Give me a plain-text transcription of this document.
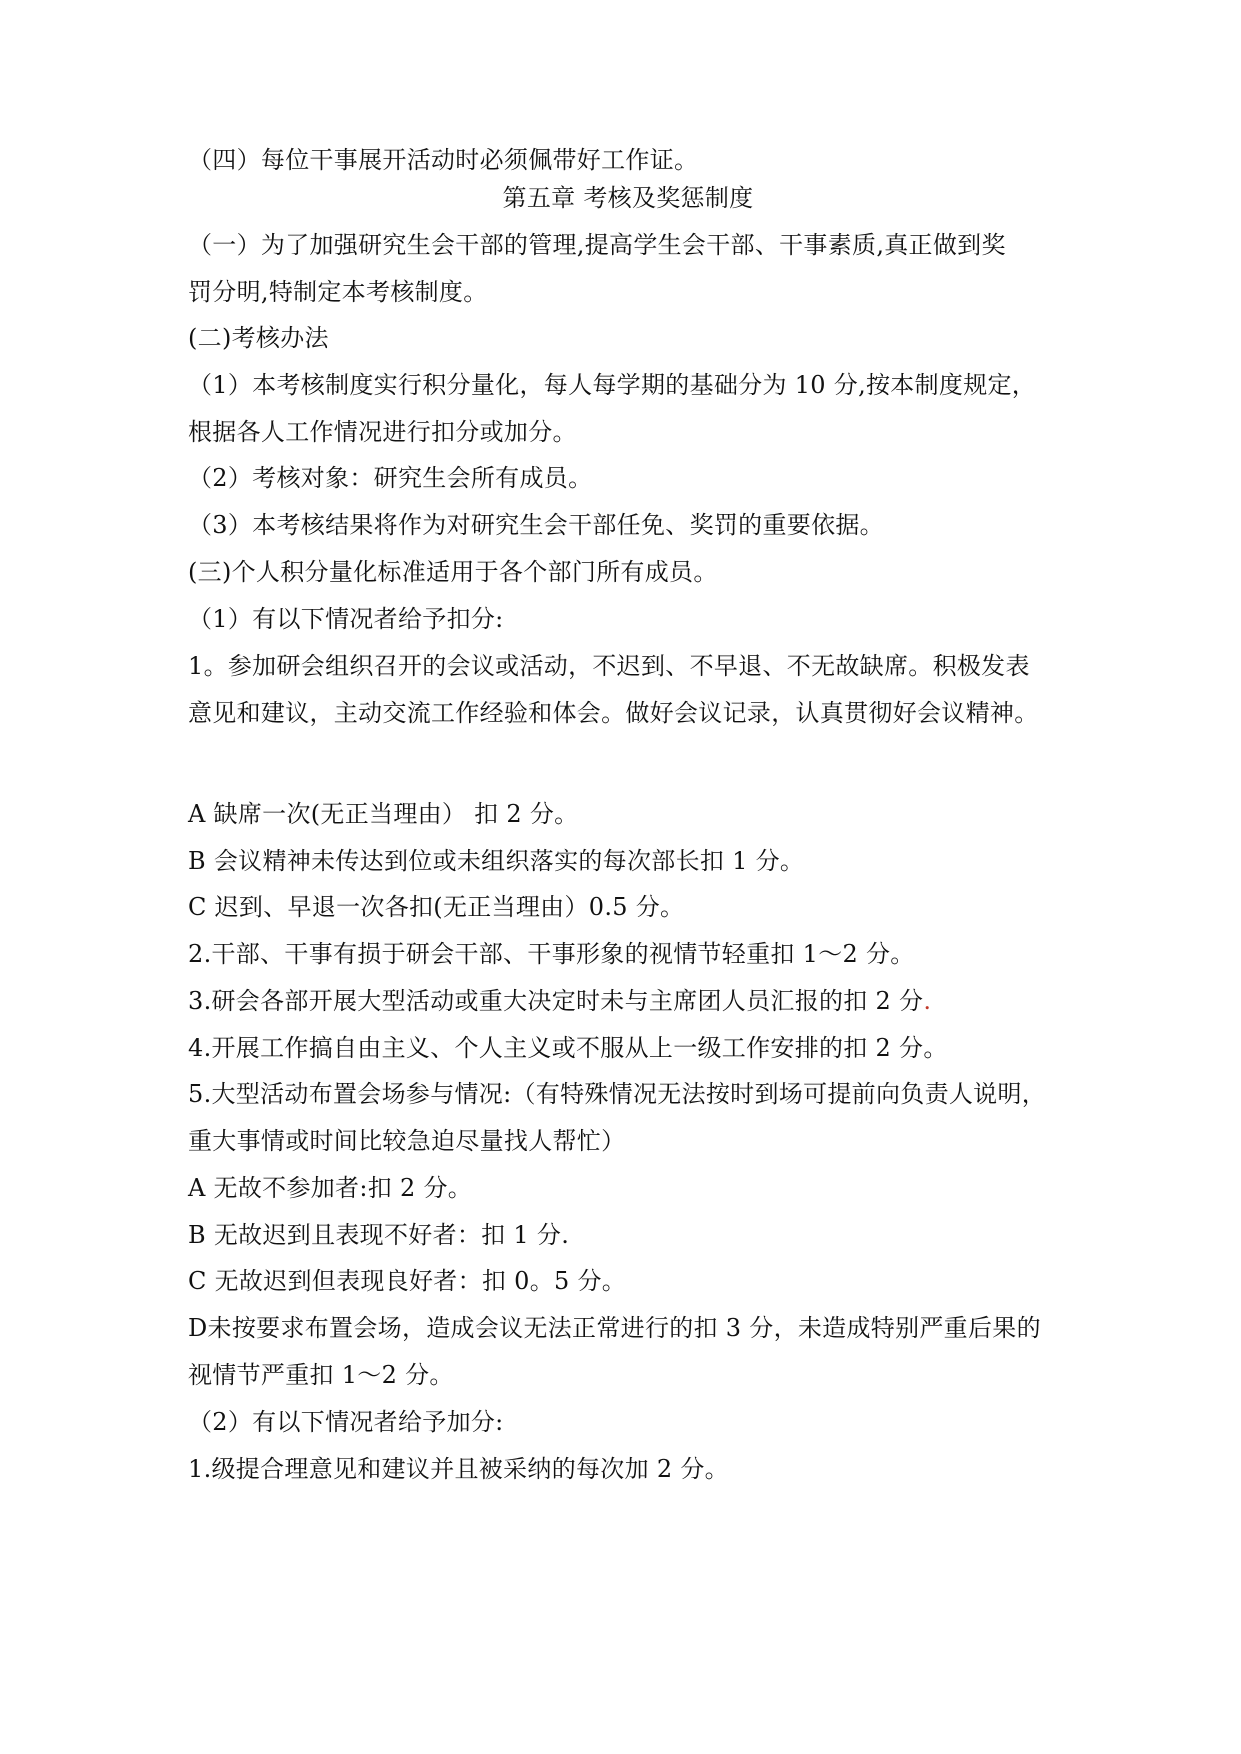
（四）每位干事展开活动时必须佩带好工作证。
第五章 考核及奖惩制度
（一）为了加强研究生会干部的管理,提高学生会干部、干事素质,真正做到奖
罚分明,特制定本考核制度。
(二)考核办法
（1）本考核制度实行积分量化，每人每学期的基础分为 10 分,按本制度规定，
根据各人工作情况进行扣分或加分。
（2）考核对象：研究生会所有成员。
（3）本考核结果将作为对研究生会干部任免、奖罚的重要依据。
(三)个人积分量化标准适用于各个部门所有成员。
（1）有以下情况者给予扣分:
1。参加研会组织召开的会议或活动，不迟到、不早退、不无故缺席。积极发表
意见和建议，主动交流工作经验和体会。做好会议记录，认真贯彻好会议精神。
A 缺席一次(无正当理由） 扣 2 分。
B 会议精神未传达到位或未组织落实的每次部长扣 1 分。
C 迟到、早退一次各扣(无正当理由）0.5 分。
2.干部、干事有损于研会干部、干事形象的视情节轻重扣 1～2 分。
3.研会各部开展大型活动或重大决定时未与主席团人员汇报的扣 2 分.
4.开展工作搞自由主义、个人主义或不服从上一级工作安排的扣 2 分。
5.大型活动布置会场参与情况:（有特殊情况无法按时到场可提前向负责人说明，
重大事情或时间比较急迫尽量找人帮忙）
A 无故不参加者:扣 2 分。
B 无故迟到且表现不好者：扣 1 分.
C 无故迟到但表现良好者：扣 0。5 分。
D未按要求布置会场，造成会议无法正常进行的扣 3 分，未造成特别严重后果的
视情节严重扣 1～2 分。
（2）有以下情况者给予加分:
1.级提合理意见和建议并且被采纳的每次加 2 分。
